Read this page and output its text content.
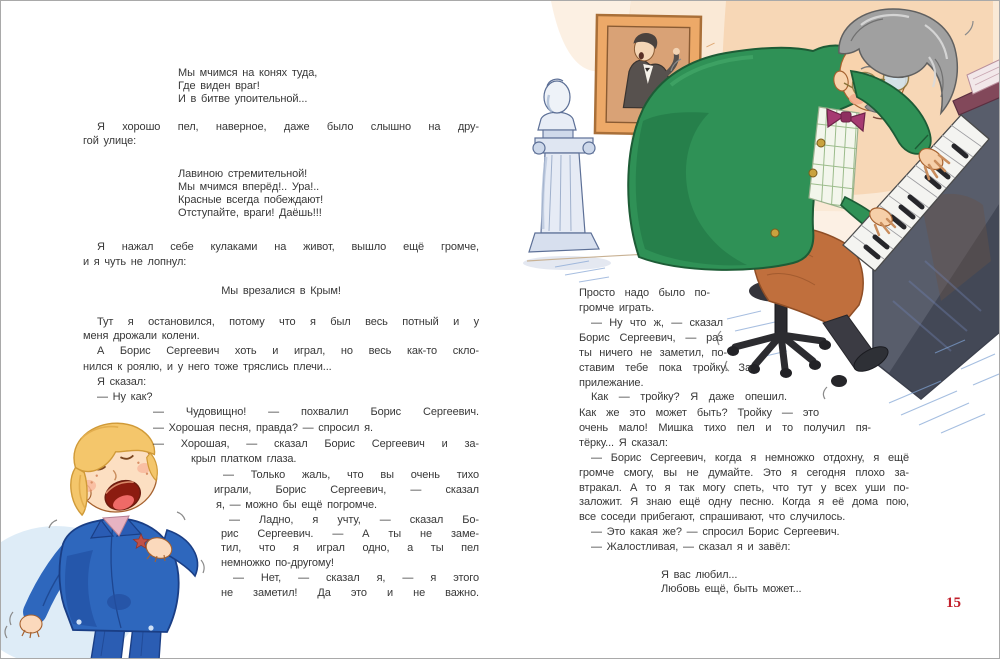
Мы мчимся на конях туда,
Где виден враг!
И в битве упоительной...
Я хорошо пел, наверное, даже было слышно на дру-
гой улице:
Лавиною стремительной!
Мы мчимся вперёд!.. Ура!..
Красные всегда побеждают!
Отступайте, враги! Даёшь!!!
Я нажал себе кулаками на живот, вышло ещё громче,
и я чуть не лопнул:
Мы врезалися в Крым!
Тут я остановился, потому что я был весь потный и у
меня дрожали колени.
А Борис Сергеевич хоть и играл, но весь как-то скло-
нился к роялю, и у него тоже тряслись плечи...
Я сказал:
— Ну как?
— Чудовищно! — похвалил Борис Сергеевич.
— Хорошая песня, правда? — спросил я.
— Хорошая, — сказал Борис Сергеевич и за-
крыл платком глаза.
— Только жаль, что вы очень тихо
играли, Борис Сергеевич, — сказал
я, — можно бы ещё погромче.
— Ладно, я учту, — сказал Бо-
рис Сергеевич. — А ты не заме-
тил, что я играл одно, а ты пел
немножко по-другому!
— Нет, — сказал я, — я этого
не заметил! Да это и не важно.
Просто надо было по-
громче играть.
— Ну что ж, — сказал
Борис Сергеевич, — раз
ты ничего не заметил, по-
ставим тебе пока тройку. За
прилежание.
Как — тройку? Я даже опешил.
Как же это может быть? Тройку — это
очень мало! Мишка тихо пел и то получил пя-
тёрку... Я сказал:
— Борис Сергеевич, когда я немножко отдохну, я ещё
громче смогу, вы не думайте. Это я сегодня плохо за-
втракал. А то я так могу спеть, что тут у всех уши по-
заложит. Я знаю ещё одну песню. Когда я её дома пою,
все соседи прибегают, спрашивают, что случилось.
— Это какая же? — спросил Борис Сергеевич.
— Жалостливая, — сказал я и завёл:
Я вас любил...
Любовь ещё, быть может...
15
